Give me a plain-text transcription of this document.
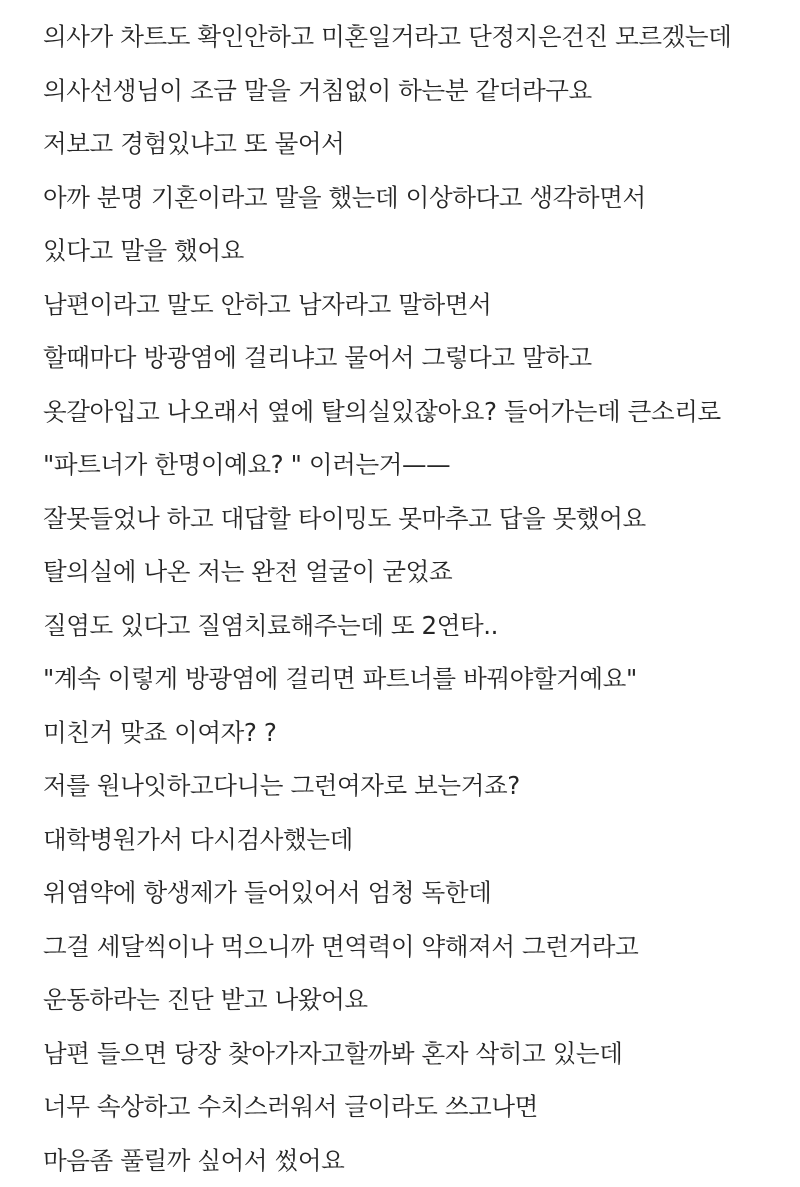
의사가 차트도 확인안하고 미혼일거라고 단정지은건진 모르겠는데
의사선생님이 조금 말을 거침없이 하는분 같더라구요
저보고 경험있냐고 또 물어서
아까 분명 기혼이라고 말을 했는데 이상하다고 생각하면서
있다고 말을 했어요
남편이라고 말도 안하고 남자라고 말하면서
할때마다 방광염에 걸리냐고 물어서 그렇다고 말하고
옷갈아입고 나오래서 옆에 탈의실있잖아요? 들어가는데 큰소리로
"파트너가 한명이예요? " 이러는거——
잘못들었나 하고 대답할 타이밍도 못마추고 답을 못했어요
탈의실에 나온 저는 완전 얼굴이 굳었죠
질염도 있다고 질염치료해주는데 또 2연타..
"계속 이렇게 방광염에 걸리면 파트너를 바꿔야할거예요"
미친거 맞죠 이여자? ?
저를 원나잇하고다니는 그런여자로 보는거죠?
대학병원가서 다시검사했는데
위염약에 항생제가 들어있어서 엄청 독한데
그걸 세달씩이나 먹으니까 면역력이 약해져서 그런거라고
운동하라는 진단 받고 나왔어요
남편 들으면 당장 찾아가자고할까봐 혼자 삭히고 있는데
너무 속상하고 수치스러워서 글이라도 쓰고나면
마음좀 풀릴까 싶어서 썼어요
